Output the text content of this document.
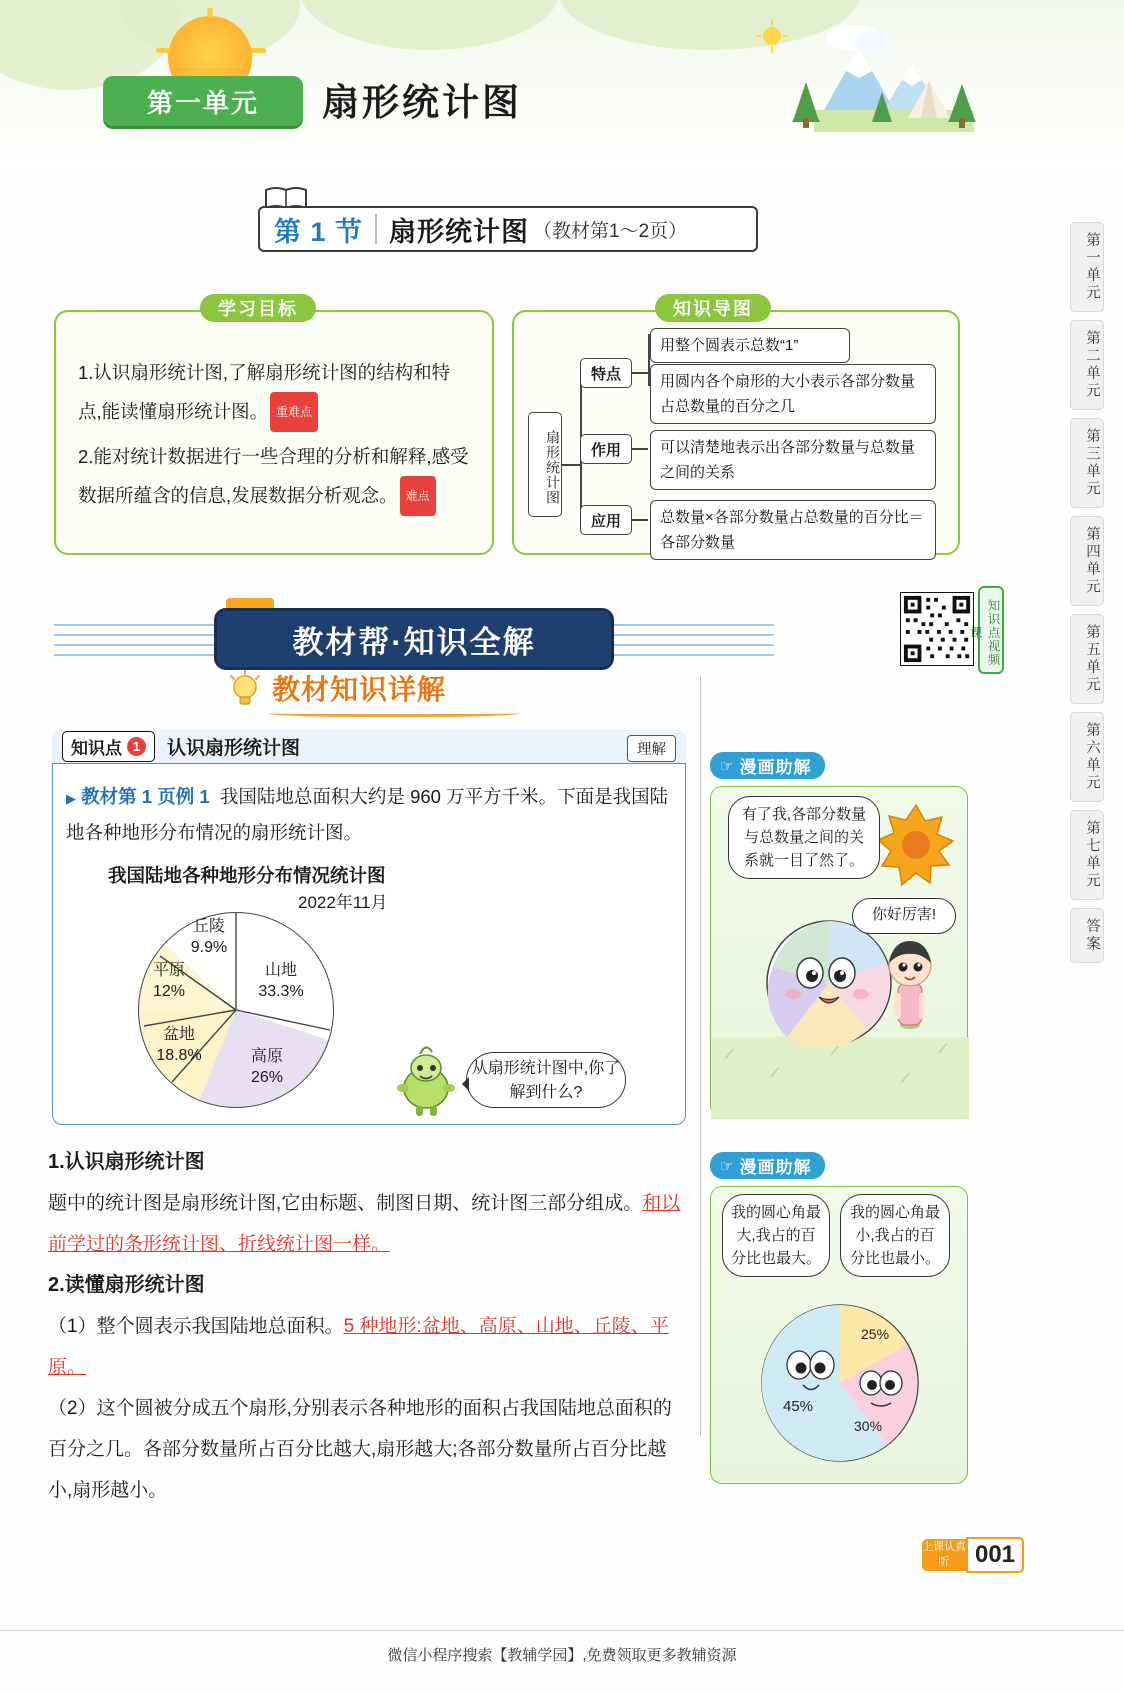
第一单元	扇形统计图
第 1 节 扇形统计图 （教材第1～2页）

1.认识扇形统计图,了解扇形统计图的结构和特点,能读懂扇形统计图。 重难点

2.能对统计数据进行一些合理的分析和解释,感受数据所蕴含的信息,发展数据分析观念。 难点

学习目标	知识导图
扇形统计图
特点
作用
应用
用整个圆表示总数“1”
用圆内各个扇形的大小表示各部分数量占总数量的百分之几
可以清楚地表示出各部分数量与总数量之间的关系
总数量×各部分数量占总数量的百分比＝各部分数量
教材帮·知识全解	知识点视频课
教材知识详解
知识点 1	认识扇形统计图	理解
▶ 教材第 1 页例 1 我国陆地总面积大约是 960 万平方千米。下面是我国陆地各种地形分布情况的扇形统计图。
我国陆地各种地形分布情况统计图
2022年11月
丘陵
9.9%
平原
12%
盆地
18.8%	高原
26%
山地
33.3%
从扇形统计图中,你了解到什么?
1.认识扇形统计图

题中的统计图是扇形统计图,它由标题、制图日期、统计图三部分组成。和以前学过的条形统计图、折线统计图一样。

2.读懂扇形统计图

（1）整个圆表示我国陆地总面积。5 种地形:盆地、高原、山地、丘陵、平原。

（2）这个圆被分成五个扇形,分别表示各种地形的面积占我国陆地总面积的百分之几。各部分数量所占百分比越大,扇形越大;各部分数量所占百分比越小,扇形越小。

☞ 漫画助解
有了我,各部分数量与总数量之间的关系就一目了然了。
你好厉害!
☞ 漫画助解
45%
25%
30%
我的圆心角最大,我占的百分比也最大。
我的圆心角最小,我占的百分比也最小。
第一单元
第二单元
第三单元
第四单元
第五单元
第六单元
第七单元
答案
上课认真听
下课练天霸
001
微信小程序搜索【教辅学园】,免费领取更多教辅资源
